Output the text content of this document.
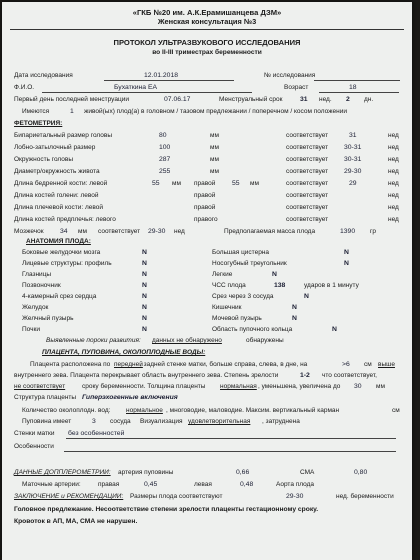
«ГКБ №20 им. А.К.Ерамишанцева ДЗМ»
Женская консультация №3
ПРОТОКОЛ УЛЬТРАЗВУКОВОГО ИССЛЕДОВАНИЯ
во II-III триместрах беременности
Дата исследования	12.01.2018	№ исследования
Ф.И.О.	Бухаткина ЕА	Возраст	18
Первый день последней менструации	07.06.17	Менструальный срок	31 нед. 2 дн.
Имеются	1 живой(ых) плод(а) в головном / тазовом предлежании / поперечном / косом положении
ФЕТОМЕТРИЯ:
Бипариетальный размер головы	80	мм	соответствует	31	нед
Лобно-затылочный размер	100	мм	соответствует 30-31	нед
Окружность головы	287	мм	соответствует 30-31	нед
Диаметр/окружность живота	255	мм	соответствует 29-30	нед
Длина бедренной кости: левой	55 мм правой 55 мм	соответствует	29	нед
Длина костей голени: левой	правой	соответствует	нед
Длина плечевой кости: левой	правой	соответствует	нед
Длина костей предплечья: левого	правого	соответствует	нед
Мозжечок 34 мм соответствует 29-30 нед	Предполагаемая масса плода	1390 гр
АНАТОМИЯ ПЛОДА:
Боковые желудочки мозга	N	Большая цистерна	N
Лицевые структуры: профиль	N	Носогубный треугольник	N
Глазницы	N	Легкие	N
Позвоночник	N	ЧСС плода	138	ударов в 1 минуту
4-камерный срез сердца	N	Срез через 3 сосуда	N
Желудок	N	Кишечник	N
Желчный пузырь	N	Мочевой пузырь	N
Почки	N	Область пупочного кольца	N
Выявленные пороки развития: данных не обнаружено	обнаружены
ПЛАЦЕНТА, ПУПОВИНА, ОКОЛОПЛОДНЫЕ ВОДЫ:
Плацента расположена по передней
, задней стенке матки, больше справа, слева, в дне, на	>6 см выше
внутреннего зева. Плацента перекрывает область внутреннего зева. Степень зрелости	1-2 что соответствует,
не соответствует	сроку беременности. Толщина плаценты нормальная , уменьшена, увеличена до 30 мм
Структура плаценты Гиперэхогенные включения
Количество околоплодн. вод: нормальное , многоводие, маловодие. Максим. вертикальный карман	см
Пуповина имеет	3 сосуда Визуализация удовлетворительная , затруднена
Стенки матки без особенностей
Особенности
ДАННЫЕ ДОППЛЕРОМЕТРИИ: артерия пуповины	0,66	СМА	0,80
Маточные артерии:	правая	0,45	левая	0,48	Аорта плода
ЗАКЛЮЧЕНИЕ и РЕКОМЕНДАЦИИ: Размеры плода соответствуют	29-30	нед. беременности
Головное предлежание. Несоответствие степени зрелости плаценты гестационному сроку.
Кровоток в АП, МА, СМА не нарушен.
